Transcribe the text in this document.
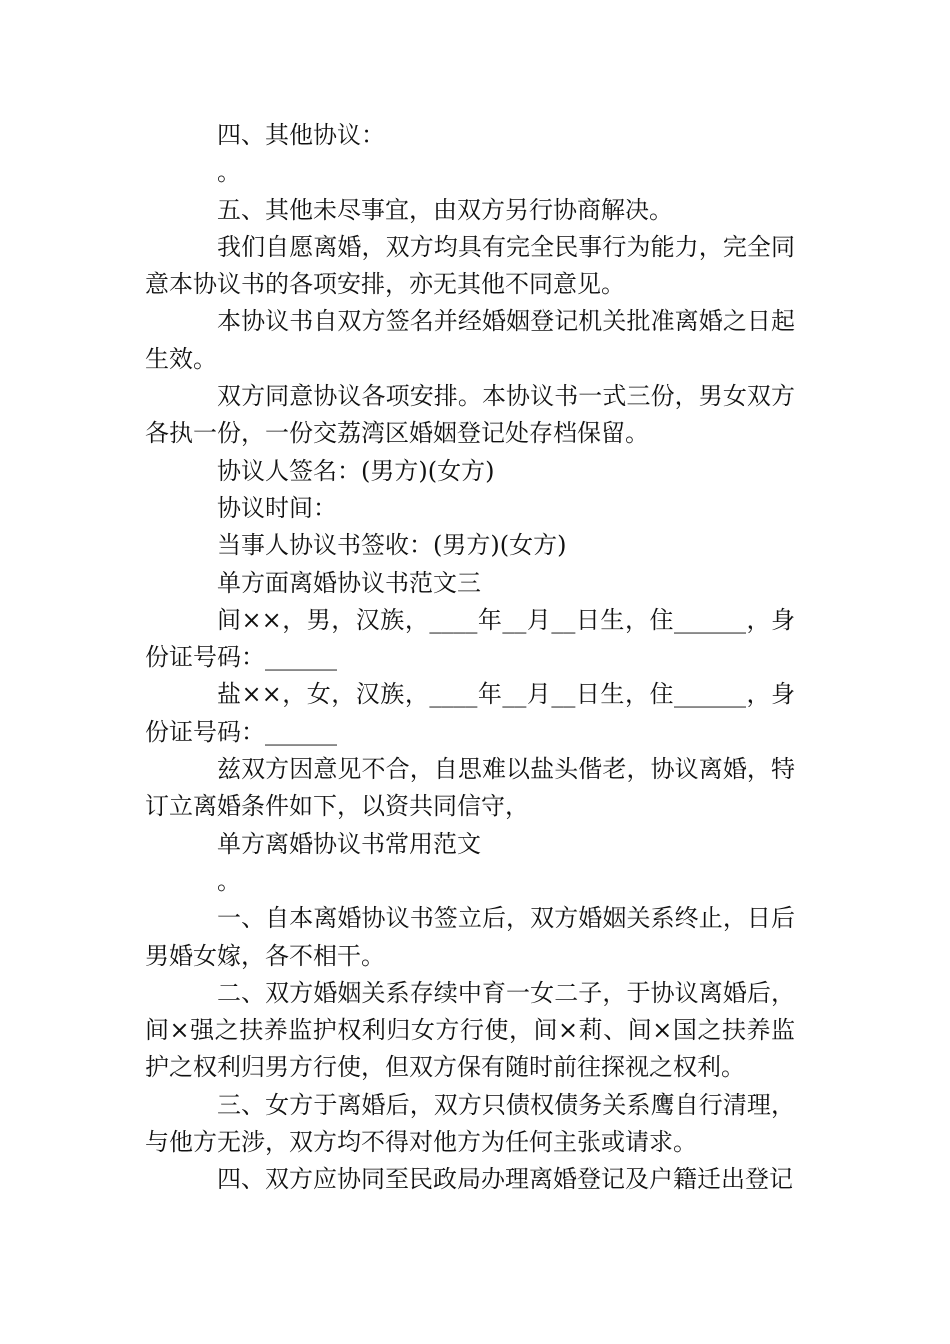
四、其他协议：

。

五、其他未尽事宜，由双方另行协商解决。

我们自愿离婚，双方均具有完全民事行为能力，完全同意本协议书的各项安排，亦无其他不同意见。

本协议书自双方签名并经婚姻登记机关批准离婚之日起生效。

双方同意协议各项安排。本协议书一式三份，男女双方各执一份，一份交荔湾区婚姻登记处存档保留。

协议人签名：(男方)(女方)

协议时间：

当事人协议书签收：(男方)(女方)

单方面离婚协议书范文三

间××，男，汉族，____年__月__日生，住______，身份证号码：______

盐××，女，汉族，____年__月__日生，住______，身份证号码：______

兹双方因意见不合，自思难以盐头偕老，协议离婚，特订立离婚条件如下，以资共同信守，

单方离婚协议书常用范文

。

一、自本离婚协议书签立后，双方婚姻关系终止，日后男婚女嫁，各不相干。

二、双方婚姻关系存续中育一女二子，于协议离婚后，间×强之扶养监护权利归女方行使，间×莉、间×国之扶养监护之权利归男方行使，但双方保有随时前往探视之权利。

三、女方于离婚后，双方只债权债务关系鹰自行清理，与他方无涉，双方均不得对他方为任何主张或请求。

四、双方应协同至民政局办理离婚登记及户籍迁出登记
